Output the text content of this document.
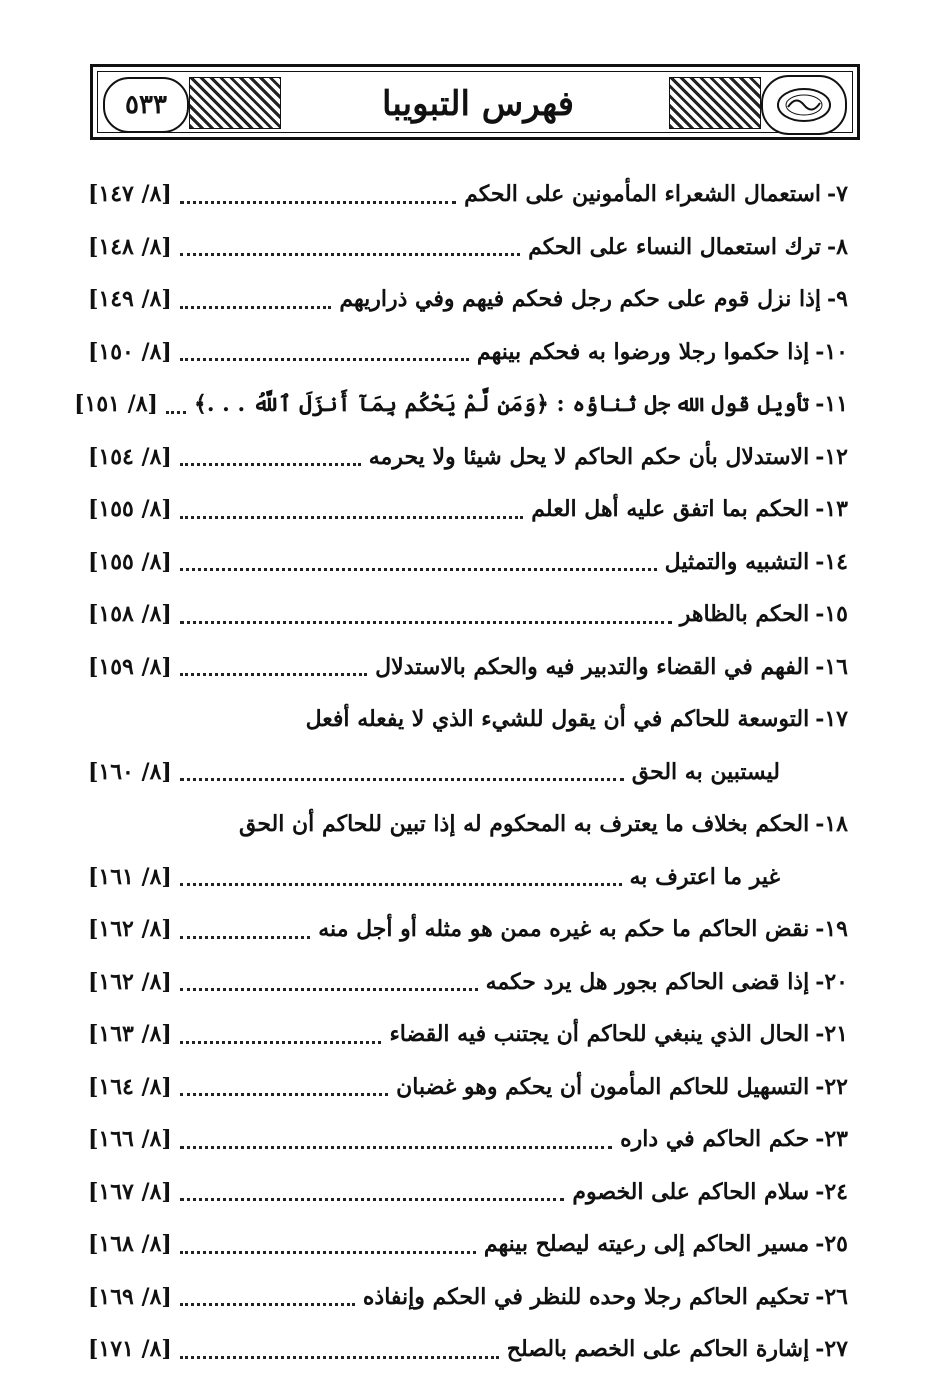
٥٣٣	فهرس التبويبا
٧-
استعمال الشعراء المأمونين على الحكم
[٨/ ١٤٧]
٨-
ترك استعمال النساء على الحكم
[٨/ ١٤٨]
٩-
إذا نزل قوم على حكم رجل فحكم فيهم وفي ذراريهم
[٨/ ١٤٩]
١٠-
إذا حكموا رجلا ورضوا به فحكم بينهم
[٨/ ١٥٠]
١١-
تأويل قول الله جل ثناؤه : ﴿وَمَن لَّمْ يَحْكُم بِمَآ أَنزَلَ ٱللَّهُ . . .﴾
[٨/ ١٥١]
١٢-
الاستدلال بأن حكم الحاكم لا يحل شيئا ولا يحرمه
[٨/ ١٥٤]
١٣-
الحكم بما اتفق عليه أهل العلم
[٨/ ١٥٥]
١٤-
التشبيه والتمثيل
[٨/ ١٥٥]
١٥-
الحكم بالظاهر
[٨/ ١٥٨]
١٦-
الفهم في القضاء والتدبير فيه والحكم بالاستدلال
[٨/ ١٥٩]
١٧-
التوسعة للحاكم في أن يقول للشيء الذي لا يفعله أفعل
ليستبين به الحق
[٨/ ١٦٠]
١٨-
الحكم بخلاف ما يعترف به المحكوم له إذا تبين للحاكم أن الحق
غير ما اعترف به
[٨/ ١٦١]
١٩-
نقض الحاكم ما حكم به غيره ممن هو مثله أو أجل منه
[٨/ ١٦٢]
٢٠-
إذا قضى الحاكم بجور هل يرد حكمه
[٨/ ١٦٢]
٢١-
الحال الذي ينبغي للحاكم أن يجتنب فيه القضاء
[٨/ ١٦٣]
٢٢-
التسهيل للحاكم المأمون أن يحكم وهو غضبان
[٨/ ١٦٤]
٢٣-
حكم الحاكم في داره
[٨/ ١٦٦]
٢٤-
سلام الحاكم على الخصوم
[٨/ ١٦٧]
٢٥-
مسير الحاكم إلى رعيته ليصلح بينهم
[٨/ ١٦٨]
٢٦-
تحكيم الحاكم رجلا وحده للنظر في الحكم وإنفاذه
[٨/ ١٦٩]
٢٧-
إشارة الحاكم على الخصم بالصلح
[٨/ ١٧١]
